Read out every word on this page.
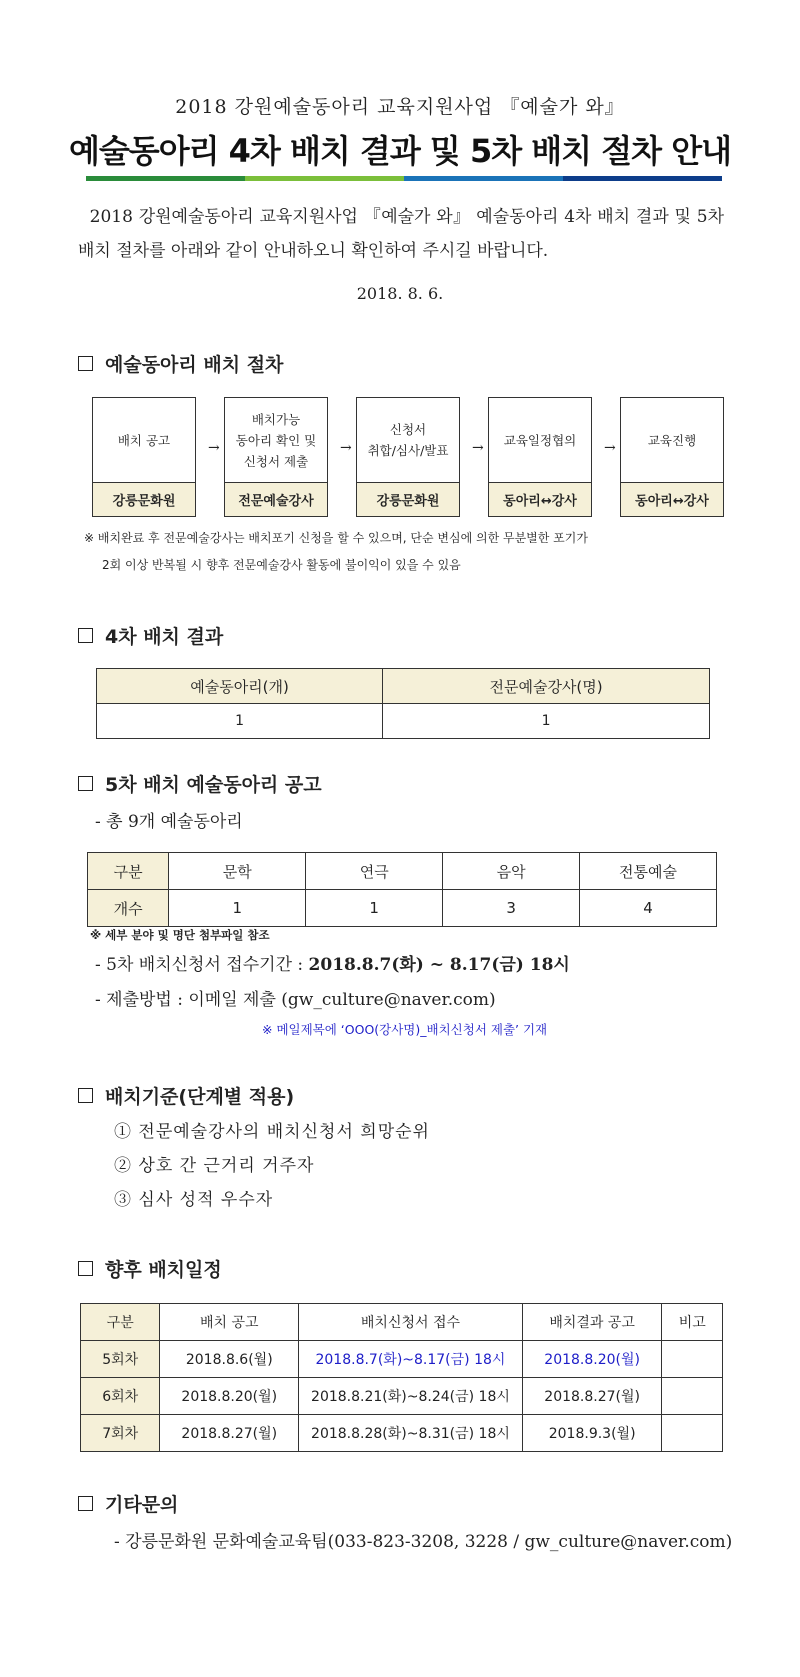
2018 강원예술동아리 교육지원사업 『예술가 와』
예술동아리 4차 배치 결과 및 5차 배치 절차 안내
2018 강원예술동아리 교육지원사업 『예술가 와』 예술동아리 4차 배치 결과 및 5차 배치 절차를 아래와 같이 안내하오니 확인하여 주시길 바랍니다.
2018. 8. 6.
예술동아리 배치 절차
배치 공고
강릉문화원
배치가능
동아리 확인 및
신청서 제출
전문예술강사
신청서
취합/심사/발표
강릉문화원
교육일정협의
동아리↔강사
교육진행
동아리↔강사
→	→	→	→
※ 배치완료 후 전문예술강사는 배치포기 신청을 할 수 있으며, 단순 변심에 의한 무분별한 포기가
2회 이상 반복될 시 향후 전문예술강사 활동에 불이익이 있을 수 있음
4차 배치 결과
예술동아리(개)	전문예술강사(명)
1	1
5차 배치 예술동아리 공고
- 총 9개 예술동아리
구분	문학	연극	음악	전통예술
개수	1	1	3	4
※ 세부 분야 및 명단 첨부파일 참조
- 5차 배치신청서 접수기간 : 2018.8.7(화) ~ 8.17(금) 18시
- 제출방법 : 이메일 제출 (gw_culture@naver.com)
※ 메일제목에 ‘OOO(강사명)_배치신청서 제출’ 기재
배치기준(단계별 적용)
① 전문예술강사의 배치신청서 희망순위
② 상호 간 근거리 거주자
③ 심사 성적 우수자
향후 배치일정
구분	배치 공고	배치신청서 접수	배치결과 공고	비고
5회차	2018.8.6(월)	2018.8.7(화)~8.17(금) 18시	2018.8.20(월)	
6회차	2018.8.20(월)	2018.8.21(화)~8.24(금) 18시	2018.8.27(월)	
7회차	2018.8.27(월)	2018.8.28(화)~8.31(금) 18시	2018.9.3(월)	
기타문의
- 강릉문화원 문화예술교육팀(033-823-3208, 3228 / gw_culture@naver.com)
